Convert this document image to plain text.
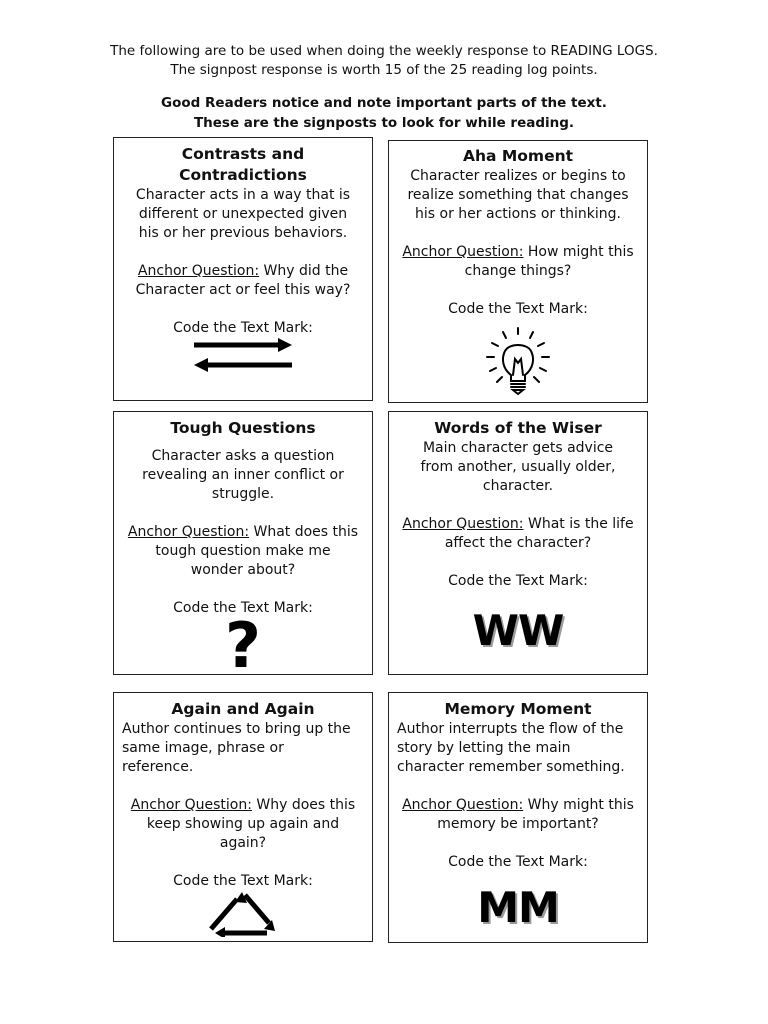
The following are to be used when doing the weekly response to READING LOGS.

The signpost response is worth 15 of the 25 reading log points.

Good Readers notice and note important parts of the text.

These are the signposts to look for while reading.

Contrasts and
Contradictions

Character acts in a way that is
different or unexpected given
his or her previous behaviors.

Anchor Question: Why did the
Character act or feel this way?

Code the Text Mark:

Aha Moment

Character realizes or begins to
realize something that changes
his or her actions or thinking.

Anchor Question: How might this
change things?

Code the Text Mark:

Tough Questions

Character asks a question
revealing an inner conflict or
struggle.

Anchor Question: What does this
tough question make me
wonder about?

Code the Text Mark:

?
Words of the Wiser

Main character gets advice
from another, usually older,
character.

Anchor Question: What is the life
affect the character?

Code the Text Mark:

WW
Again and Again

Author continues to bring up the
same image, phrase or
reference.

Anchor Question: Why does this
keep showing up again and
again?

Code the Text Mark:

Memory Moment

Author interrupts the flow of the
story by letting the main
character remember something.

Anchor Question: Why might this
memory be important?

Code the Text Mark:

MM
